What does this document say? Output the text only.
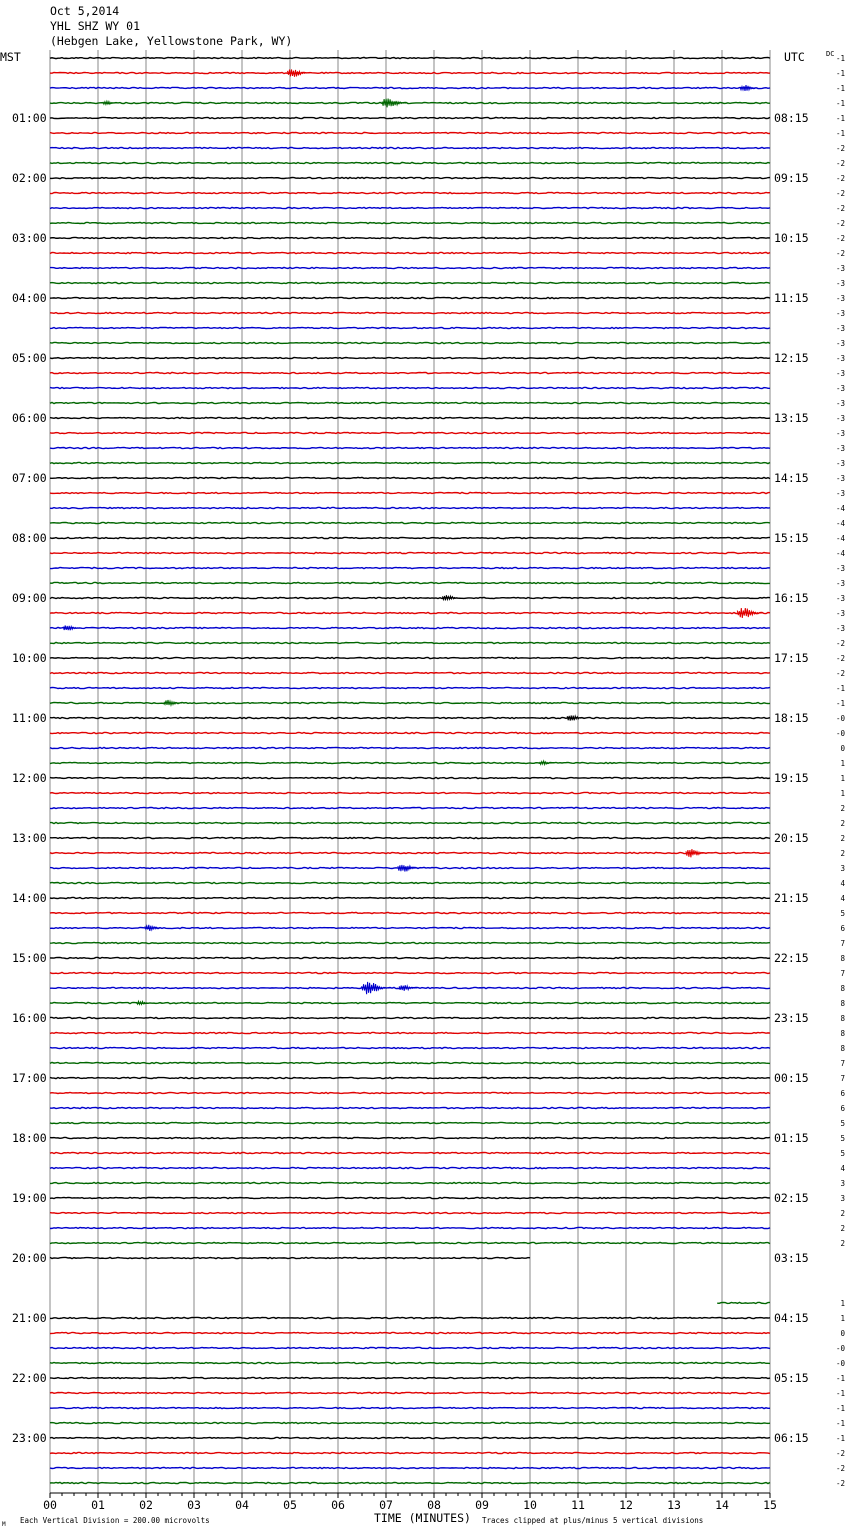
Oct 5,2014
YHL SHZ WY 01
(Hebgen Lake, Yellowstone Park, WY)
MST	UTC	DC
01:00	08:15
02:00	09:15
03:00	10:15
04:00	11:15
05:00	12:15
06:00	13:15
07:00	14:15
08:00	15:15
09:00	16:15
10:00	17:15
11:00	18:15
12:00	19:15
13:00	20:15
14:00	21:15
15:00	22:15
16:00	23:15
17:00	00:15
18:00	01:15
19:00	02:15
20:00	03:15
21:00	04:15
22:00	05:15
23:00	06:15
-1
-1
-1
-1
-1
-1
-2
-2
-2
-2
-2
-2
-2
-2
-3
-3
-3
-3
-3
-3
-3
-3
-3
-3
-3
-3
-3
-3
-3
-3
-4
-4
-4
-4
-3
-3
-3
-3
-3
-2
-2
-2
-1
-1
-0
-0
0
1
1
1
2
2
2
2
3
4
4
5
6
7
8
7
8
8
8
8
8
7
7
6
6
5
5
5
4
3
3
2
2
2
1
1
0
-0
-0
-1
-1
-1
-1
-1
-2
-2
-2
00	01	02	03	04	05	06	07	08	09	10	11	12	13	14	15
TIME (MINUTES)
Each Vertical Division = 200.00 microvolts	Traces clipped at plus/minus 5 vertical divisions
M
